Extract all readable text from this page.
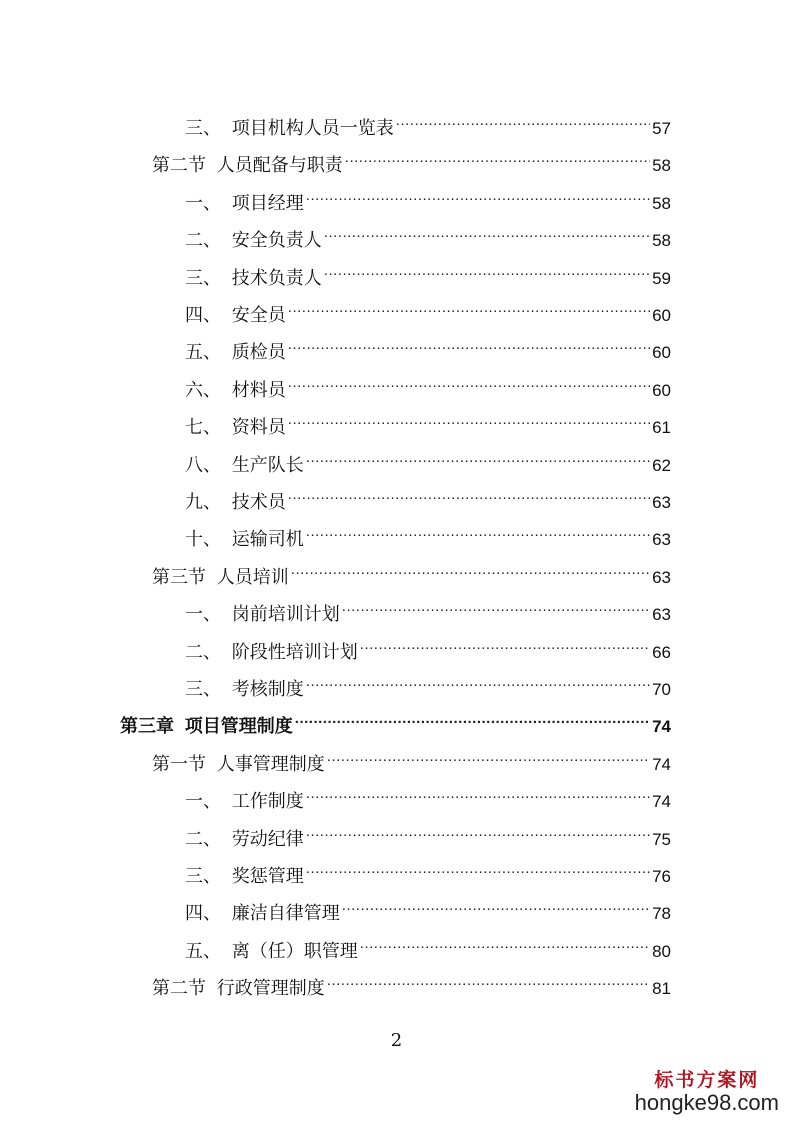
三、 项目机构人员一览表 .....	57
第二节 人员配备与职责 .....	58
一、 项目经理 .....	58
二、 安全负责人 .....	58
三、 技术负责人 .....	59
四、 安全员 .....	60
五、 质检员 .....	60
六、 材料员 .....	60
七、 资料员 .....	61
八、 生产队长 .....	62
九、 技术员 .....	63
十、 运输司机 .....	63
第三节 人员培训 .....	63
一、 岗前培训计划 .....	63
二、 阶段性培训计划 .....	66
三、 考核制度 .....	70
第三章 项目管理制度 .....	74
第一节 人事管理制度 .....	74
一、 工作制度 .....	74
二、 劳动纪律 .....	75
三、 奖惩管理 .....	76
四、 廉洁自律管理 .....	78
五、 离（任）职管理 .....	80
第二节 行政管理制度 .....	81
2
标书方案网
hongke98.com
